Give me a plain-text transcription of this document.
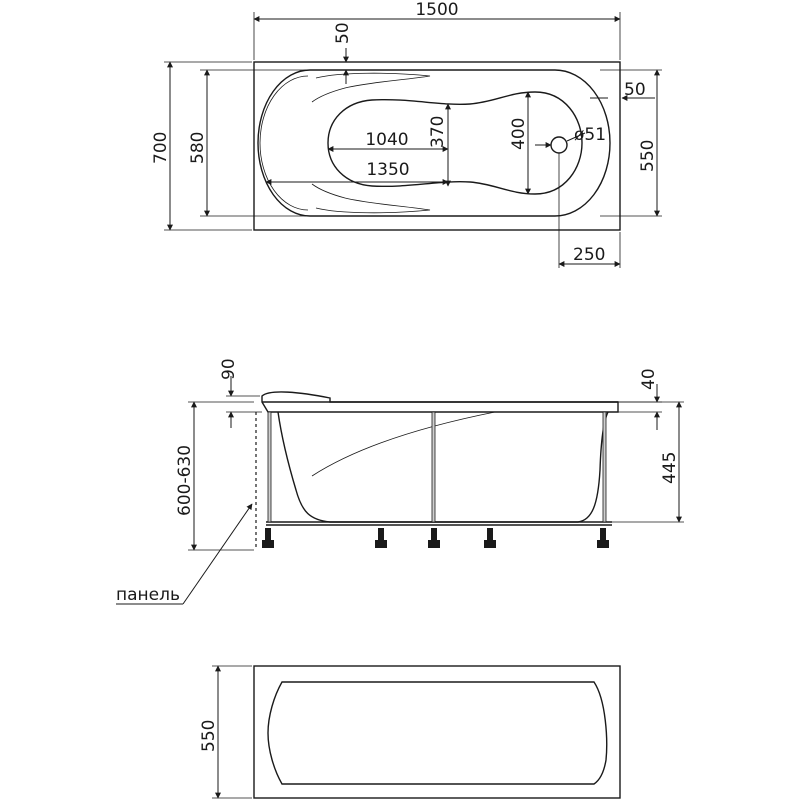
1500
50
700 580	550
50
1040 370
1350
400	ø51
250
90	40
600-630	445
панель
550
